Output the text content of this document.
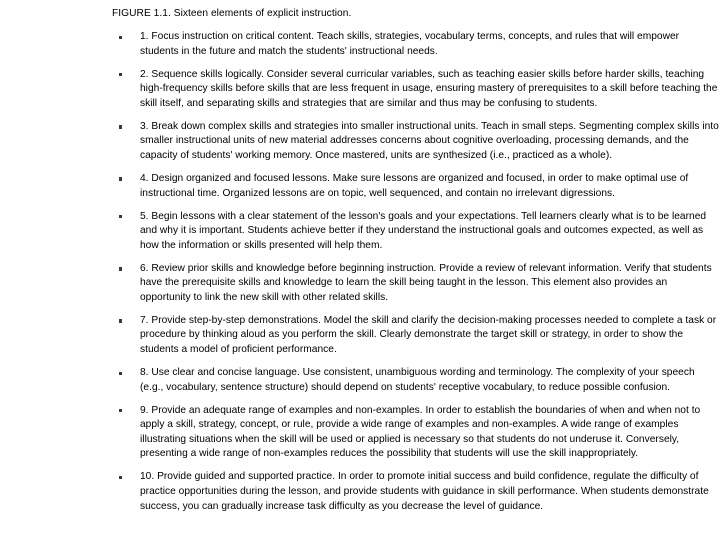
FIGURE 1.1. Sixteen elements of explicit instruction.
1. Focus instruction on critical content. Teach skills, strategies, vocabulary terms, concepts, and rules that will empower students in the future and match the students' instructional needs.
2. Sequence skills logically. Consider several curricular variables, such as teaching easier skills before harder skills, teaching high-frequency skills before skills that are less frequent in usage, ensuring mastery of prerequisites to a skill before teaching the skill itself, and separating skills and strategies that are similar and thus may be confusing to students.
3. Break down complex skills and strategies into smaller instructional units. Teach in small steps. Segmenting complex skills into smaller instructional units of new material addresses concerns about cognitive overloading, processing demands, and the capacity of students' working memory. Once mastered, units are synthesized (i.e., practiced as a whole).
4. Design organized and focused lessons. Make sure lessons are organized and focused, in order to make optimal use of instructional time. Organized lessons are on topic, well sequenced, and contain no irrelevant digressions.
5. Begin lessons with a clear statement of the lesson's goals and your expectations. Tell learners clearly what is to be learned and why it is important. Students achieve better if they understand the instructional goals and outcomes expected, as well as how the information or skills presented will help them.
6. Review prior skills and knowledge before beginning instruction. Provide a review of relevant information. Verify that students have the prerequisite skills and knowledge to learn the skill being taught in the lesson. This element also provides an opportunity to link the new skill with other related skills.
7. Provide step-by-step demonstrations. Model the skill and clarify the decision-making processes needed to complete a task or procedure by thinking aloud as you perform the skill. Clearly demonstrate the target skill or strategy, in order to show the students a model of proficient performance.
8. Use clear and concise language. Use consistent, unambiguous wording and terminology. The complexity of your speech (e.g., vocabulary, sentence structure) should depend on students' receptive vocabulary, to reduce possible confusion.
9. Provide an adequate range of examples and non-examples. In order to establish the boundaries of when and when not to apply a skill, strategy, concept, or rule, provide a wide range of examples and non-examples. A wide range of examples illustrating situations when the skill will be used or applied is necessary so that students do not underuse it. Conversely, presenting a wide range of non-examples reduces the possibility that students will use the skill inappropriately.
10. Provide guided and supported practice. In order to promote initial success and build confidence, regulate the difficulty of practice opportunities during the lesson, and provide students with guidance in skill performance. When students demonstrate success, you can gradually increase task difficulty as you decrease the level of guidance.
